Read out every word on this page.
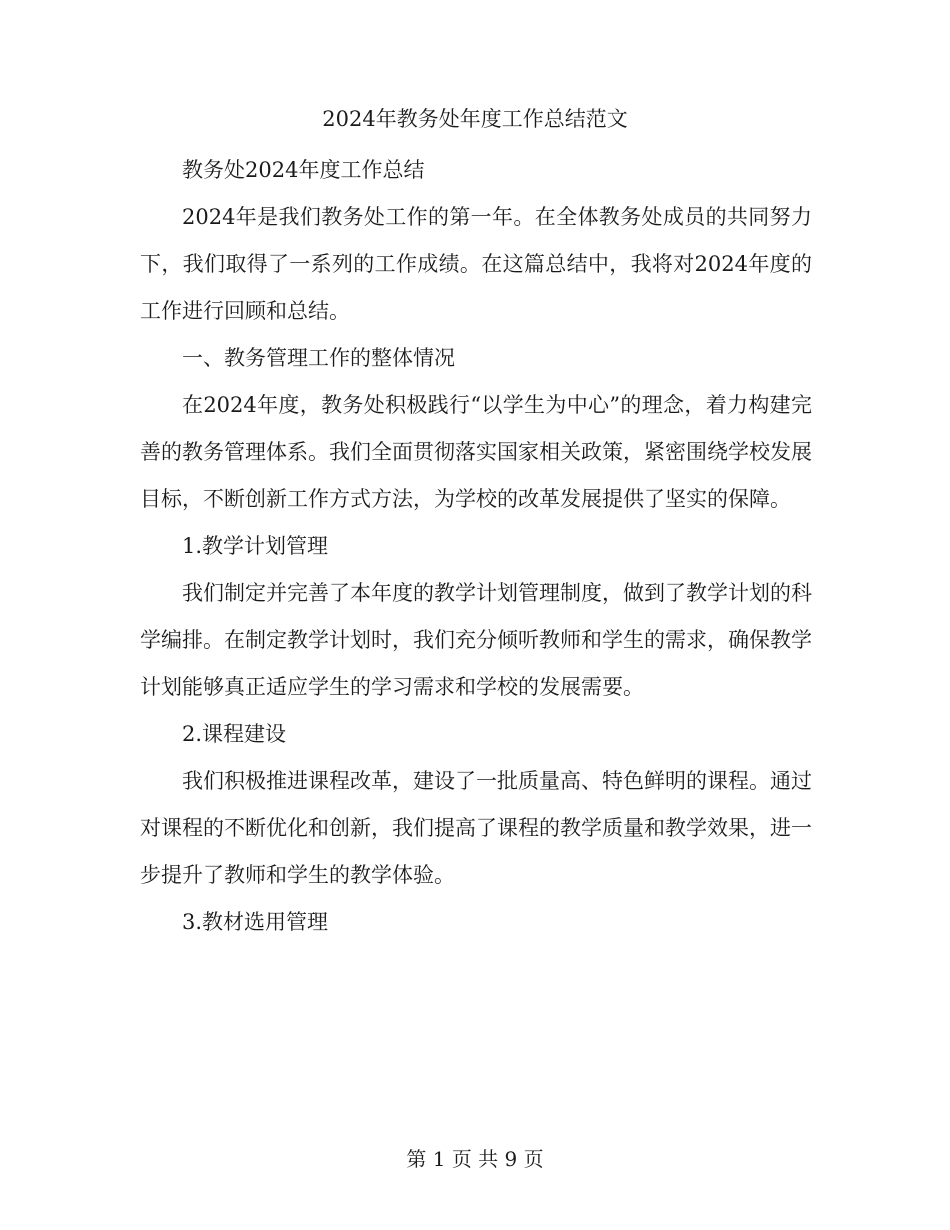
2024年教务处年度工作总结范文

教务处2024年度工作总结

2024年是我们教务处工作的第一年。在全体教务处成员的共同努力下，我们取得了一系列的工作成绩。在这篇总结中，我将对2024年度的工作进行回顾和总结。

一、教务管理工作的整体情况

在2024年度，教务处积极践行“以学生为中心”的理念，着力构建完善的教务管理体系。我们全面贯彻落实国家相关政策，紧密围绕学校发展目标，不断创新工作方式方法，为学校的改革发展提供了坚实的保障。

1.教学计划管理

我们制定并完善了本年度的教学计划管理制度，做到了教学计划的科学编排。在制定教学计划时，我们充分倾听教师和学生的需求，确保教学计划能够真正适应学生的学习需求和学校的发展需要。

2.课程建设

我们积极推进课程改革，建设了一批质量高、特色鲜明的课程。通过对课程的不断优化和创新，我们提高了课程的教学质量和教学效果，进一步提升了教师和学生的教学体验。

3.教材选用管理

第 1 页 共 9 页
